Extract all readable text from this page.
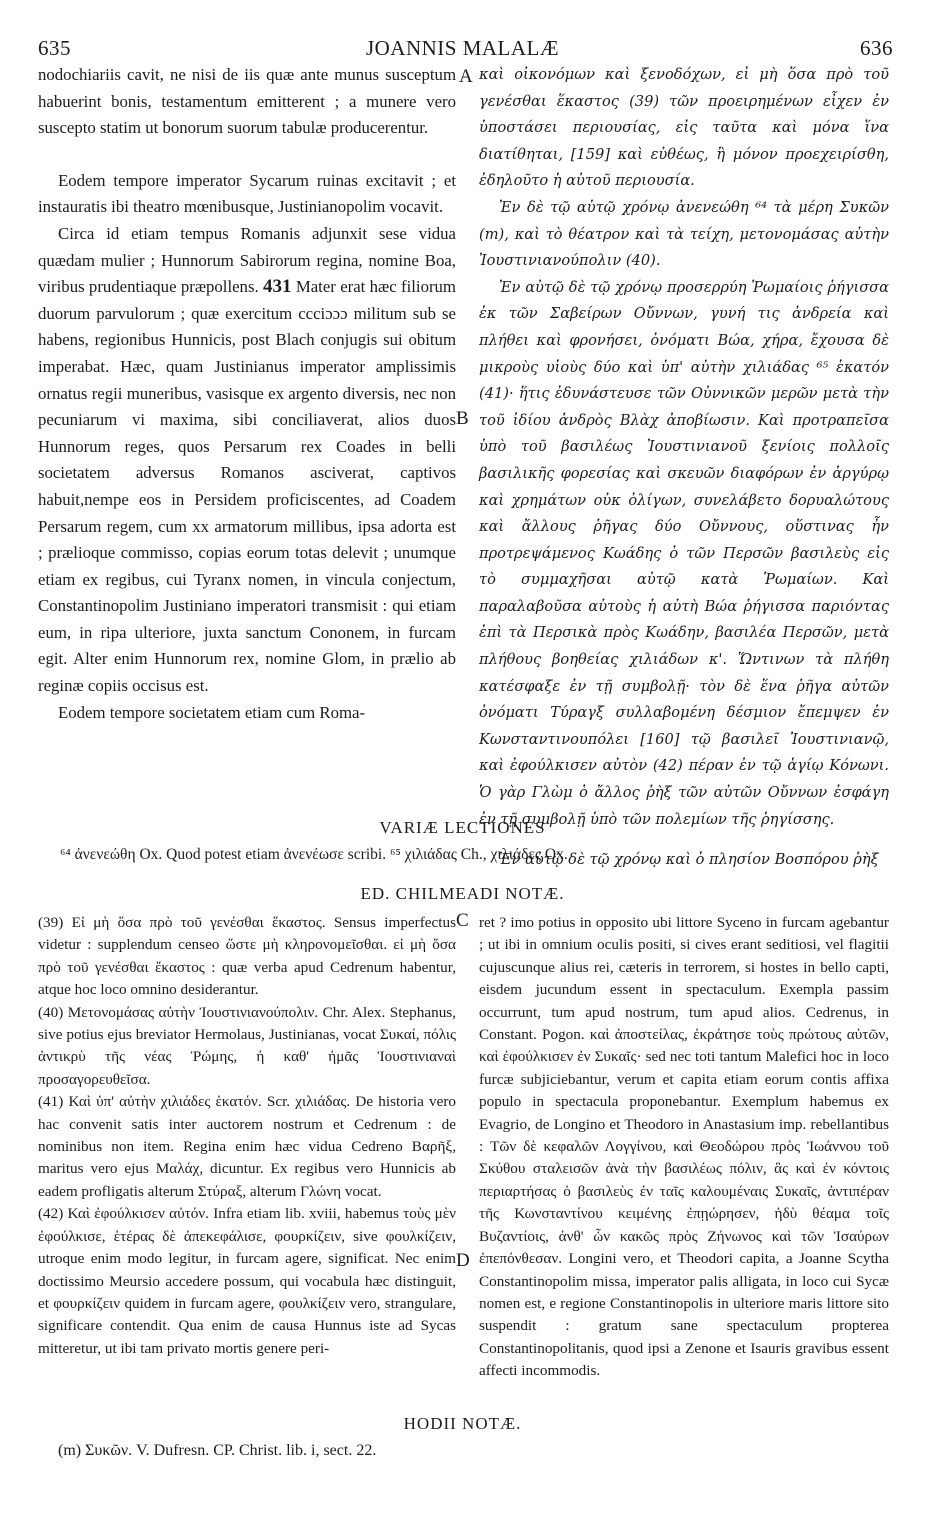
635	JOANNIS MALALÆ	636

nodochiariis cavit, ne nisi de iis quæ ante munus susceptum habuerint bonis, testamentum emitterent ; a munere vero suscepto statim ut bonorum suorum tabulæ producerentur.

Eodem tempore imperator Sycarum ruinas excitavit ; et instauratis ibi theatro mœnibusque, Justinianopolim vocavit.

Circa id etiam tempus Romanis adjunxit sese vidua quædam mulier ; Hunnorum Sabirorum regina, nomine Boa, viribus prudentiaque præpollens. 431 Mater erat hæc filiorum duorum parvulorum ; quæ exercitum ccciɔɔɔ militum sub se habens, regionibus Hunnicis, post Blach conjugis sui obitum imperabat. Hæc, quam Justinianus imperator amplissimis ornatus regii muneribus, vasisque ex argento diversis, nec non pecuniarum vi maxima, sibi conciliaverat, alios duos Hunnorum reges, quos Persarum rex Coades in belli societatem adversus Romanos asciverat, captivos habuit,nempe eos in Persidem proficiscentes, ad Coadem Persarum regem, cum xx armatorum millibus, ipsa adorta est ; prælioque commisso, copias eorum totas delevit ; unumque etiam ex regibus, cui Tyranx nomen, in vincula conjectum, Constantinopolim Justiniano imperatori transmisit : qui etiam eum, in ripa ulteriore, juxta sanctum Cononem, in furcam egit. Alter enim Hunnorum rex, nomine Glom, in prælio ab reginæ copiis occisus est.

Eodem tempore societatem etiam cum Roma-

A
B
C
D

καὶ οἰκονόμων καὶ ξενοδόχων, εἰ μὴ ὅσα πρὸ τοῦ γενέσθαι ἕκαστος (39) τῶν προειρημένων εἶχεν ἐν ὑποστάσει περιουσίας, εἰς ταῦτα καὶ μόνα ἵνα διατίθηται, [159] καὶ εὐθέως, ἢ μόνον προεχειρίσθη, ἐδηλοῦτο ἡ αὐτοῦ περιουσία.

Ἐν δὲ τῷ αὐτῷ χρόνῳ ἀνενεώθη ⁶⁴ τὰ μέρη Συκῶν (m), καὶ τὸ θέατρον καὶ τὰ τείχη, μετονομάσας αὐτὴν Ἰουστινιανούπολιν (40).

Ἐν αὐτῷ δὲ τῷ χρόνῳ προσερρύη Ῥωμαίοις ῥήγισσα ἐκ τῶν Σαβείρων Οὔννων, γυνή τις ἀνδρεία καὶ πλήθει καὶ φρονήσει, ὀνόματι Βώα, χήρα, ἔχουσα δὲ μικροὺς υἱοὺς δύο καὶ ὑπ' αὐτὴν χιλιάδας ⁶⁵ ἑκατόν (41)· ἥτις ἐδυνάστευσε τῶν Οὐννικῶν μερῶν μετὰ τὴν τοῦ ἰδίου ἀνδρὸς Βλὰχ ἀποβίωσιν. Καὶ προτραπεῖσα ὑπὸ τοῦ βασιλέως Ἰουστινιανοῦ ξενίοις πολλοῖς βασιλικῆς φορεσίας καὶ σκευῶν διαφόρων ἐν ἀργύρῳ καὶ χρημάτων οὐκ ὀλίγων, συνελάβετο δορυαλώτους καὶ ἄλλους ῥῆγας δύο Οὔννους, οὕστινας ἦν προτρεψάμενος Κωάδης ὁ τῶν Περσῶν βασιλεὺς εἰς τὸ συμμαχῆσαι αὐτῷ κατὰ Ῥωμαίων. Καὶ παραλαβοῦσα αὐτοὺς ἡ αὐτὴ Βώα ῥήγισσα παριόντας ἐπὶ τὰ Περσικὰ πρὸς Κωάδην, βασιλέα Περσῶν, μετὰ πλήθους βοηθείας χιλιάδων κ'. Ὥντινων τὰ πλήθη κατέσφαξε ἐν τῇ συμβολῇ· τὸν δὲ ἕνα ῥῆγα αὐτῶν ὀνόματι Τύραγξ συλλαβομένη δέσμιον ἔπεμψεν ἐν Κωνσταντινουπόλει [160] τῷ βασιλεῖ Ἰουστινιανῷ, καὶ ἐφούλκισεν αὐτὸν (42) πέραν ἐν τῷ ἁγίῳ Κόνωνι. Ὁ γὰρ Γλὼμ ὁ ἄλλος ῥὴξ τῶν αὐτῶν Οὔννων ἐσφάγη ἐν τῇ συμβολῇ ὑπὸ τῶν πολεμίων τῆς ῥηγίσσης.

Ἐν αὐτῷ δὲ τῷ χρόνῳ καὶ ὁ πλησίον Βοσπόρου ῥὴξ

VARIÆ LECTIONES
⁶⁴ ἀνενεώθη Ox. Quod potest etiam ἀνενέωσε scribi. ⁶⁵ χιλιάδας Ch., χιλιάδες Ox.
ED. CHILMEADI NOTÆ.

(39) Εἰ μὴ ὅσα πρὸ τοῦ γενέσθαι ἕκαστος. Sensus imperfectus videtur : supplendum censeo ὥστε μὴ κληρονομεῖσθαι. εἰ μὴ ὅσα πρὸ τοῦ γενέσθαι ἕκαστος : quæ verba apud Cedrenum habentur, atque hoc loco omnino desiderantur.

(40) Μετονομάσας αὐτὴν Ἰουστινιανούπολιν. Chr. Alex. Stephanus, sive potius ejus breviator Hermolaus, Justinianas, vocat Συκαί, πόλις ἀντικρὺ τῆς νέας Ῥώμης, ἡ καθ' ἡμᾶς Ἰουστινιαναὶ προσαγορευθεῖσα.

(41) Καὶ ὑπ' αὐτὴν χιλιάδες ἑκατόν. Scr. χιλιάδας. De historia vero hac convenit satis inter auctorem nostrum et Cedrenum : de nominibus non item. Regina enim hæc vidua Cedreno Βαρῆξ, maritus vero ejus Μαλάχ, dicuntur. Ex regibus vero Hunnicis ab eadem profligatis alterum Στύραξ, alterum Γλώνη vocat.

(42) Καὶ ἐφούλκισεν αὐτόν. Infra etiam lib. xviii, habemus τοὺς μὲν ἐφούλκισε, ἑτέρας δὲ ἀπεκεφάλισε, φουρκίζειν, sive φουλκίζειν, utroque enim modo legitur, in furcam agere, significat. Nec enim doctissimo Meursio accedere possum, qui vocabula hæc distinguit, et φουρκίζειν quidem in furcam agere, φουλκίζειν vero, strangulare, significare contendit. Qua enim de causa Hunnus iste ad Sycas mitteretur, ut ibi tam privato mortis genere peri-

ret ? imo potius in opposito ubi littore Syceno in furcam agebantur ; ut ibi in omnium oculis positi, si cives erant seditiosi, vel flagitii cujuscunque alius rei, cæteris in terrorem, si hostes in bello capti, eisdem jucundum essent in spectaculum. Exempla passim occurrunt, tum apud nostrum, tum apud alios. Cedrenus, in Constant. Pogon. καὶ ἀποστείλας, ἐκράτησε τοὺς πρώτους αὐτῶν, καὶ ἐφούλκισεν ἐν Συκαῖς· sed nec toti tantum Malefici hoc in loco furcæ subjiciebantur, verum et capita etiam eorum contis affixa populo in spectacula proponebantur. Exemplum habemus ex Evagrio, de Longino et Theodoro in Anastasium imp. rebellantibus : Τῶν δὲ κεφαλῶν Λογγίνου, καὶ Θεοδώρου πρὸς Ἰωάννου τοῦ Σκύθου σταλεισῶν ἀνὰ τὴν βασιλέως πόλιν, ἃς καὶ ἐν κόντοις περιαρτήσας ὁ βασιλεὺς ἐν ταῖς καλουμέναις Συκαῖς, ἀντιπέραν τῆς Κωνσταντίνου κειμένης ἐπῃώρησεν, ἡδὺ θέαμα τοῖς Βυζαντίοις, ἀνθ' ὧν κακῶς πρὸς Ζήνωνος καὶ τῶν Ἰσαύρων ἐπεπόνθεσαν. Longini vero, et Theodori capita, a Joanne Scytha Constantinopolim missa, imperator palis alligata, in loco cui Sycæ nomen est, e regione Constantinopolis in ulteriore maris littore sito suspendit : gratum sane spectaculum propterea Constantinopolitanis, quod ipsi a Zenone et Isauris gravibus essent affecti incommodis.

HODII NOTÆ.
(m) Συκῶν. V. Dufresn. CP. Christ. lib. i, sect. 22.
